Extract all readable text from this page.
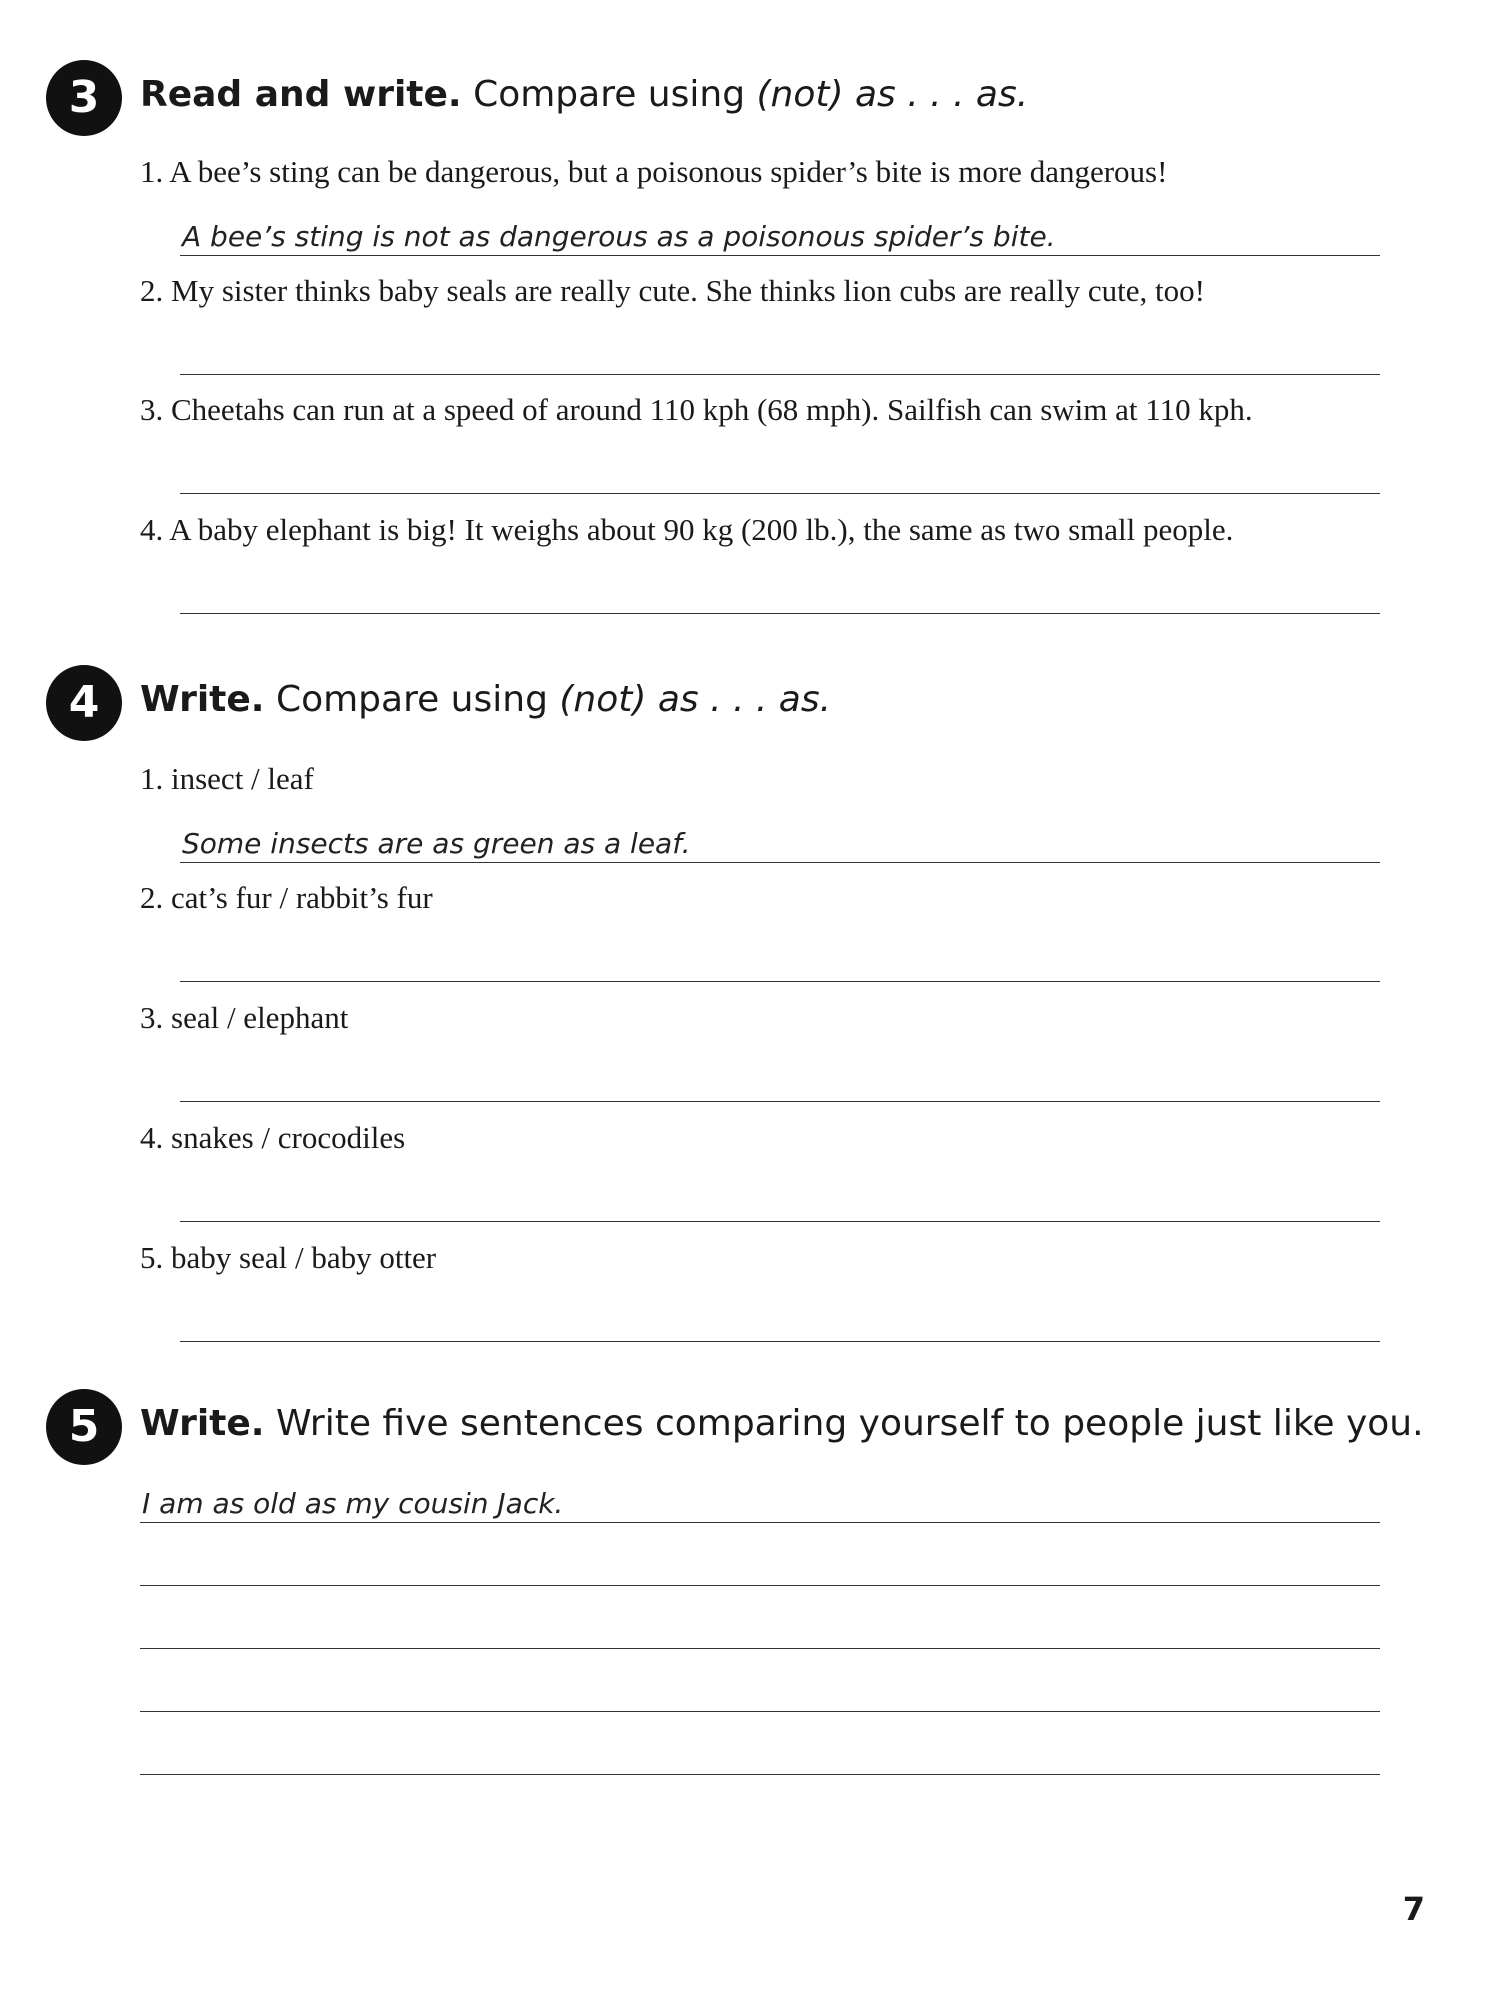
3	Read and write. Compare using (not) as . . . as.
1. A bee’s sting can be dangerous, but a poisonous spider’s bite is more dangerous!
A bee’s sting is not as dangerous as a poisonous spider’s bite.
2. My sister thinks baby seals are really cute. She thinks lion cubs are really cute, too!
3. Cheetahs can run at a speed of around 110 kph (68 mph). Sailfish can swim at 110 kph.
4. A baby elephant is big! It weighs about 90 kg (200 lb.), the same as two small people.
4	Write. Compare using (not) as . . . as.
1. insect / leaf
Some insects are as green as a leaf.
2. cat’s fur / rabbit’s fur
3. seal / elephant
4. snakes / crocodiles
5. baby seal / baby otter
5	Write. Write five sentences comparing yourself to people just like you.
I am as old as my cousin Jack.
7
